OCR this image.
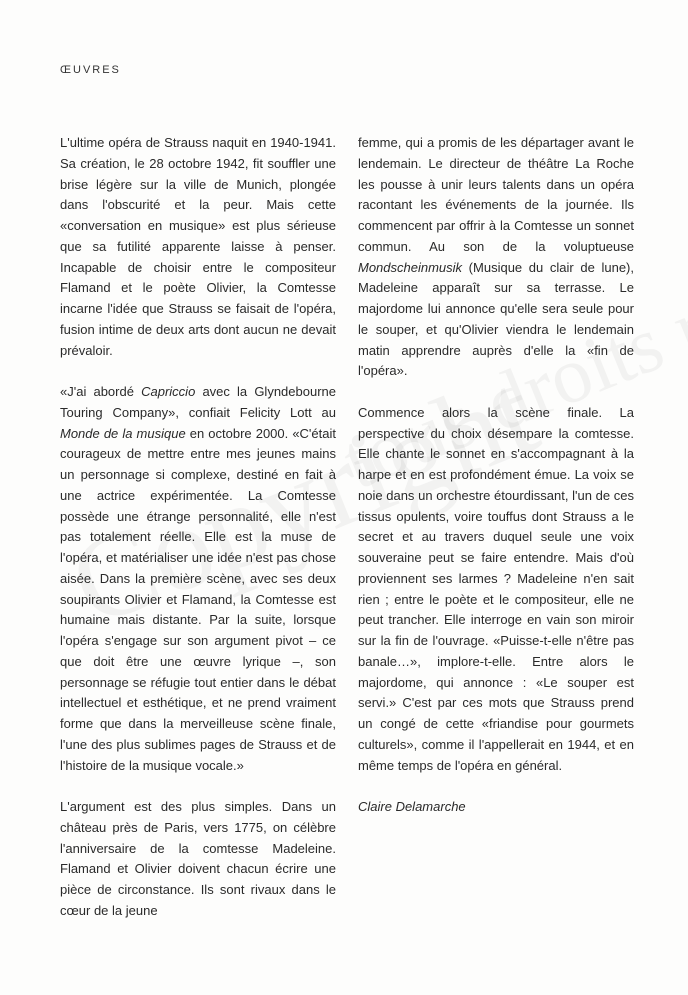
ŒUVRES

L'ultime opéra de Strauss naquit en 1940-1941. Sa création, le 28 octobre 1942, fit souffler une brise légère sur la ville de Munich, plongée dans l'obscurité et la peur. Mais cette «conversation en musique» est plus sérieuse que sa futilité apparente laisse à penser. Incapable de choisir entre le compositeur Flamand et le poète Olivier, la Comtesse incarne l'idée que Strauss se faisait de l'opéra, fusion intime de deux arts dont aucun ne devait prévaloir.

«J'ai abordé Capriccio avec la Glyndebourne Touring Company», confiait Felicity Lott au Monde de la musique en octobre 2000. «C'était courageux de mettre entre mes jeunes mains un personnage si complexe, destiné en fait à une actrice expérimentée. La Comtesse possède une étrange personnalité, elle n'est pas totalement réelle. Elle est la muse de l'opéra, et matérialiser une idée n'est pas chose aisée. Dans la première scène, avec ses deux soupirants Olivier et Flamand, la Comtesse est humaine mais distante. Par la suite, lorsque l'opéra s'engage sur son argument pivot – ce que doit être une œuvre lyrique –, son personnage se réfugie tout entier dans le débat intellectuel et esthétique, et ne prend vraiment forme que dans la merveilleuse scène finale, l'une des plus sublimes pages de Strauss et de l'histoire de la musique vocale.»

L'argument est des plus simples. Dans un château près de Paris, vers 1775, on célèbre l'anniversaire de la comtesse Madeleine. Flamand et Olivier doivent chacun écrire une pièce de circonstance. Ils sont rivaux dans le cœur de la jeune

femme, qui a promis de les départager avant le lendemain. Le directeur de théâtre La Roche les pousse à unir leurs talents dans un opéra racontant les événements de la journée. Ils commencent par offrir à la Comtesse un sonnet commun. Au son de la voluptueuse Mondscheinmusik (Musique du clair de lune), Madeleine apparaît sur sa terrasse. Le majordome lui annonce qu'elle sera seule pour le souper, et qu'Olivier viendra le lendemain matin apprendre auprès d'elle la «fin de l'opéra».

Commence alors la scène finale. La perspective du choix désempare la comtesse. Elle chante le sonnet en s'accompagnant à la harpe et en est profondément émue. La voix se noie dans un orchestre étourdissant, l'un de ces tissus opulents, voire touffus dont Strauss a le secret et au travers duquel seule une voix souveraine peut se faire entendre. Mais d'où proviennent ses larmes ? Madeleine n'en sait rien ; entre le poète et le compositeur, elle ne peut trancher. Elle interroge en vain son miroir sur la fin de l'ouvrage. «Puisse-t-elle n'être pas banale…», implore-t-elle. Entre alors le majordome, qui annonce : «Le souper est servi.» C'est par ces mots que Strauss prend un congé de cette «friandise pour gourmets culturels», comme il l'appellerait en 1944, et en même temps de l'opéra en général.

Claire Delamarche
